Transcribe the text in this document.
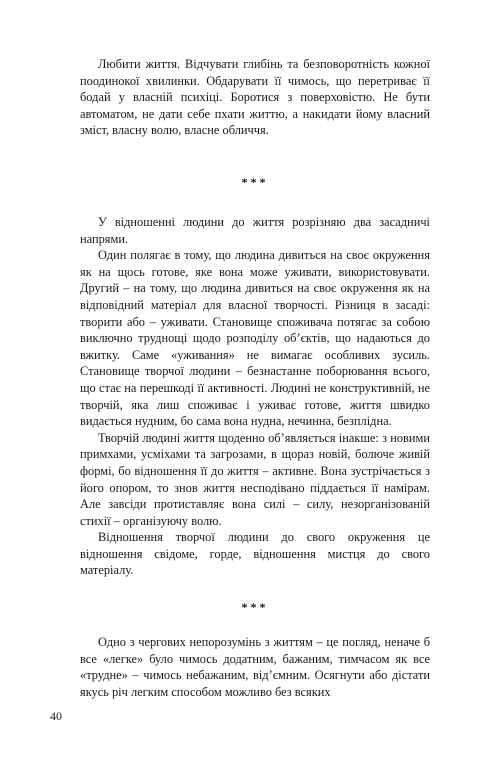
Любити життя. Відчувати глибінь та безповоротність кожної поодинокої хвилинки. Обдарувати її чимось, що перетриває її бодай у власній психіці. Боротися з поверховістю. Не бути автоматом, не дати себе пхати життю, а накидати йому власний зміст, власну волю, власне обличчя.

***

У відношенні людини до життя розрізняю два засадничі напрями.

Один полягає в тому, що людина дивиться на своє окруження як на щось готове, яке вона може уживати, використовувати. Другий – на тому, що людина дивиться на своє окруження як на відповідний матеріал для власної творчості. Різниця в засаді: творити або – уживати. Становище споживача потягає за собою виключно труднощі щодо розподілу об’єктів, що надаються до вжитку. Саме «уживання» не вимагає особливих зусиль. Становище творчої людини – безнастанне поборювання всього, що стає на перешкоді її активності. Людині не конструктивній, не творчій, яка лиш споживає і уживає готове, життя швидко видається нудним, бо сама вона нудна, нечинна, безплідна.

Творчій людині життя щоденно об’являється інакше: з новими примхами, усміхами та загрозами, в щораз новій, болюче живій формі, бо відношення її до життя – активне. Вона зустрічається з його опором, то знов життя несподівано піддається її намірам. Але завсіди протиставляє вона силі – силу, незорганізованій стихії – організуючу волю.

Відношення творчої людини до свого окруження це відношення свідоме, горде, відношення мистця до свого матеріалу.

***

Одно з чергових непорозумінь з життям – це погляд, неначе б все «легке» було чимось додатним, бажаним, тимчасом як все «трудне» – чимось небажаним, від’ємним. Осягнути або дістати якусь річ легким способом можливо без всяких

40
